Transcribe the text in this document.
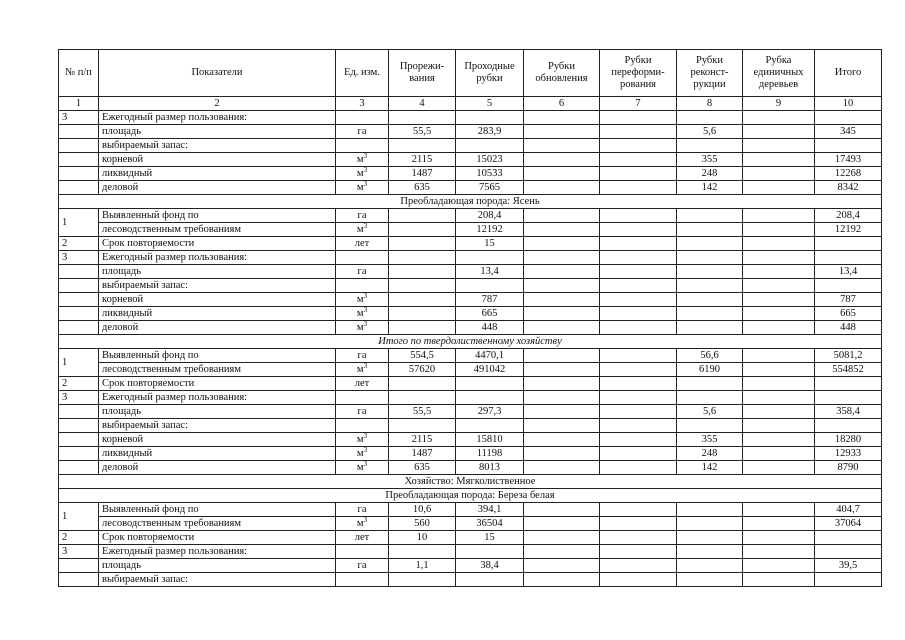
№ п/п	Показатели	Ед. изм.	Прорежи-вания	Проходные рубки	Рубки обновления	Рубки переформи-рования	Рубки реконст-рукции	Рубка единичных деревьев	Итого
1	2	3	4	5	6	7	8	9	10
3	Ежегодный размер пользования:								
	площадь	га	55,5	283,9			5,6		345
	выбираемый запас:								
	корневой	$м^3$	2115	15023			355		17493
	ликвидный	$м^3$	1487	10533			248		12268
	деловой	$м^3$	635	7565			142		8342
Преобладающая порода: Ясень									
1	Выявленный фонд по	га		208,4					208,4
	лесоводственным требованиям	$м^3$		12192					12192
2	Срок повторяемости	лет		15					
3	Ежегодный размер пользования:								
	площадь	га		13,4					13,4
	выбираемый запас:								
	корневой	$м^3$		787					787
	ликвидный	$м^3$		665					665
	деловой	$м^3$		448					448
Итого по твердолиственному хозяйству									
1	Выявленный фонд по	га	554,5	4470,1			56,6		5081,2
	лесоводственным требованиям	$м^3$	57620	491042			6190		554852
2	Срок повторяемости	лет							
3	Ежегодный размер пользования:								
	площадь	га	55,5	297,3			5,6		358,4
	выбираемый запас:								
	корневой	$м^3$	2115	15810			355		18280
	ликвидный	$м^3$	1487	11198			248		12933
	деловой	$м^3$	635	8013			142		8790
Хозяйство: Мягколиственное									
Преобладающая порода: Береза белая									
1	Выявленный фонд по	га	10,6	394,1					404,7
	лесоводственным требованиям	$м^3$	560	36504					37064
2	Срок повторяемости	лет	10	15					
3	Ежегодный размер пользования:								
	площадь	га	1,1	38,4					39,5
	выбираемый запас:								
